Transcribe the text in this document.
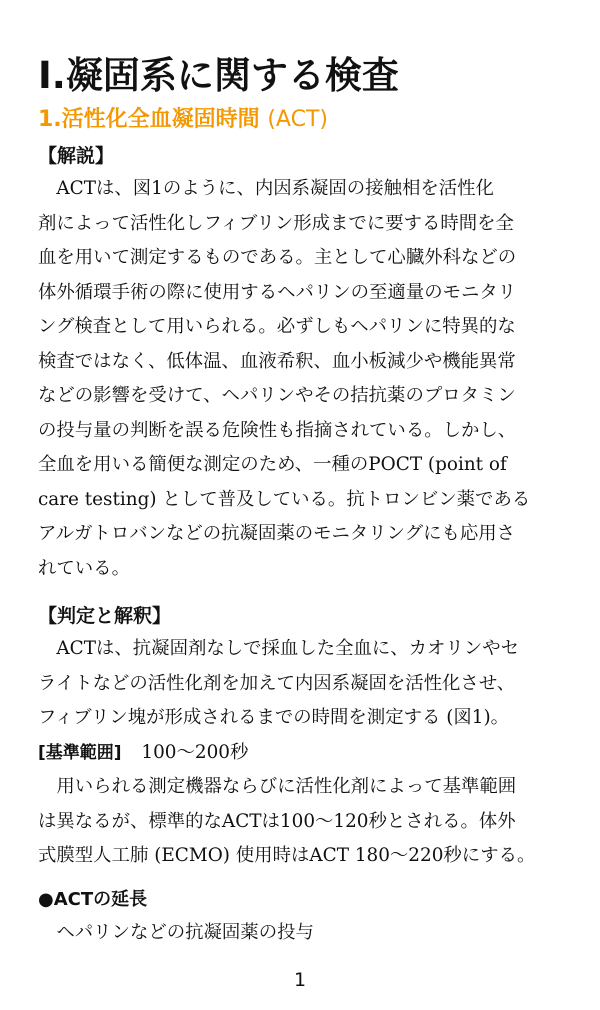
Ⅰ.凝固系に関する検査
1.活性化全血凝固時間 (ACT)
【解説】
ACTは、図1のように、内因系凝固の接触相を活性化
剤によって活性化しフィブリン形成までに要する時間を全
血を用いて測定するものである。主として心臓外科などの
体外循環手術の際に使用するヘパリンの至適量のモニタリ
ング検査として用いられる。必ずしもヘパリンに特異的な
検査ではなく、低体温、血液希釈、血小板減少や機能異常
などの影響を受けて、ヘパリンやその拮抗薬のプロタミン
の投与量の判断を誤る危険性も指摘されている。しかし、
全血を用いる簡便な測定のため、一種のPOCT (point of
care testing) として普及している。抗トロンビン薬である
アルガトロバンなどの抗凝固薬のモニタリングにも応用さ
れている。
【判定と解釈】
ACTは、抗凝固剤なしで採血した全血に、カオリンやセ
ライトなどの活性化剤を加えて内因系凝固を活性化させ、
フィブリン塊が形成されるまでの時間を測定する (図1)。
[基準範囲] 100～200秒
用いられる測定機器ならびに活性化剤によって基準範囲
は異なるが、標準的なACTは100～120秒とされる。体外
式膜型人工肺 (ECMO) 使用時はACT 180～220秒にする。
●ACTの延長
ヘパリンなどの抗凝固薬の投与
1
